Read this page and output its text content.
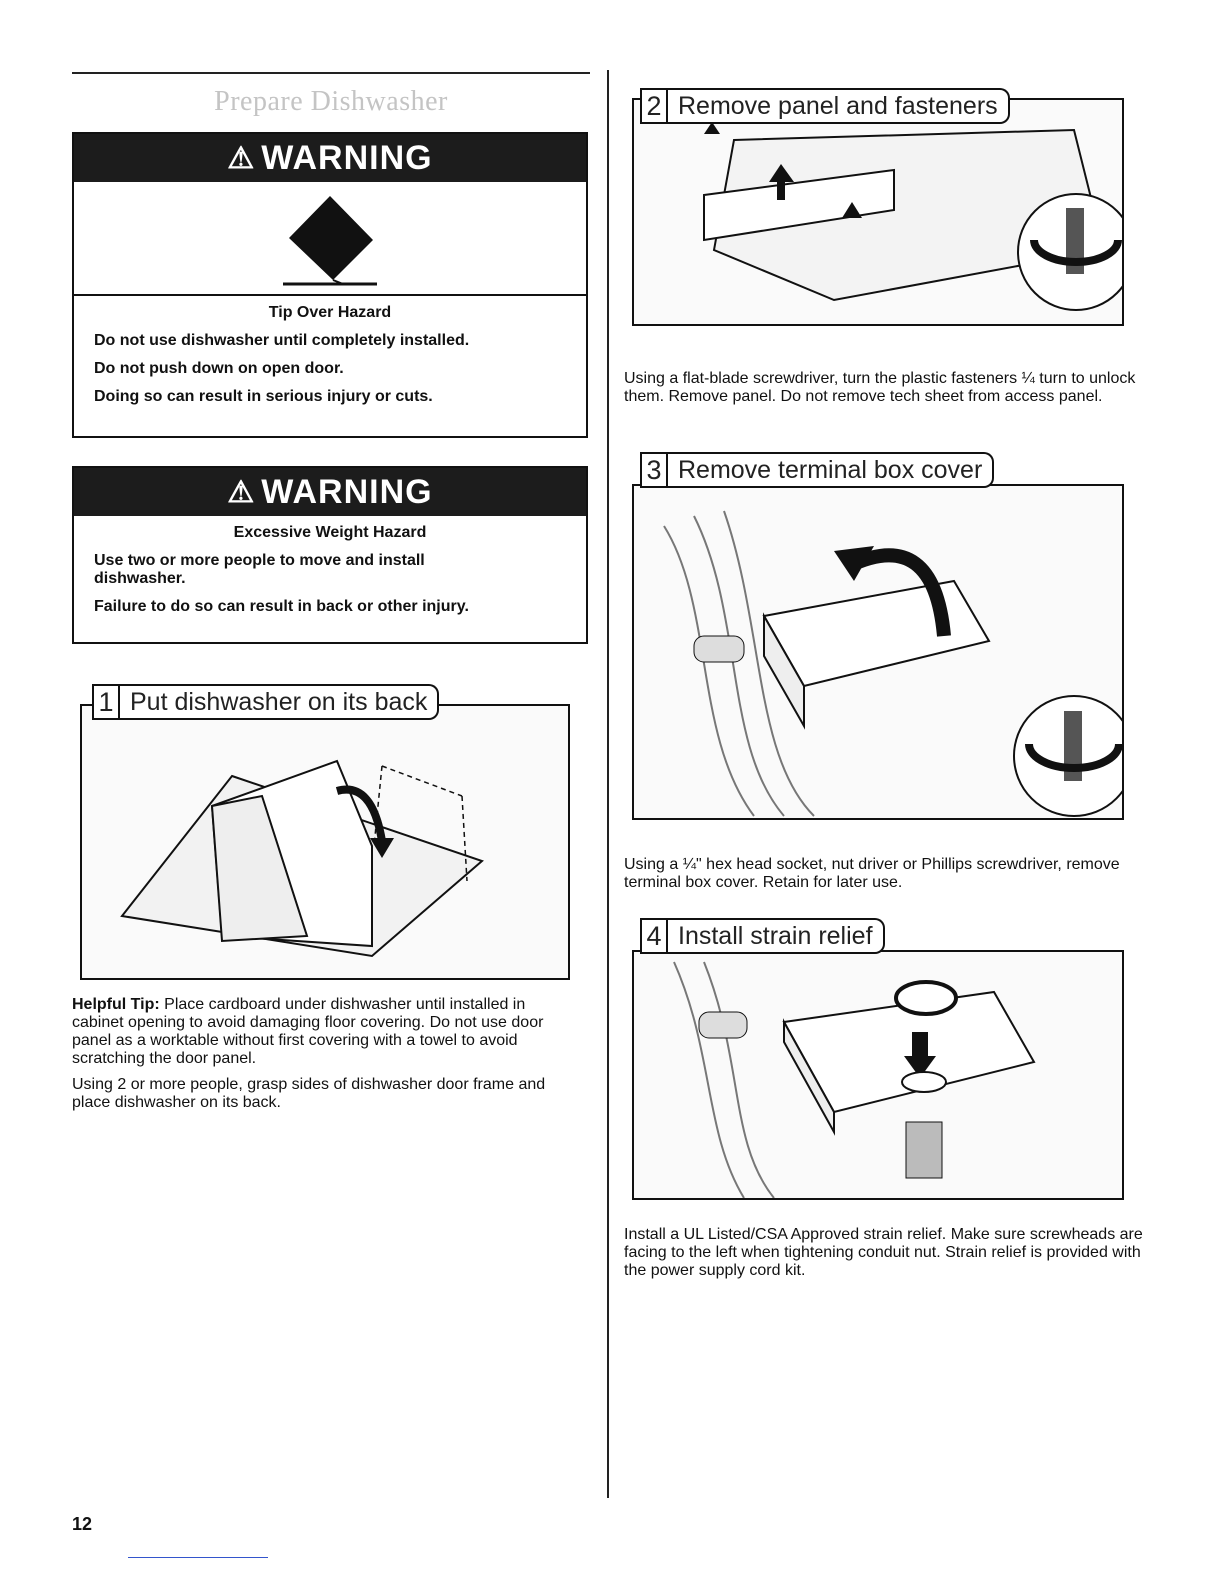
Prepare Dishwasher
⚠ WARNING
Tip Over Hazard

Do not use dishwasher until completely installed.

Do not push down on open door.

Doing so can result in serious injury or cuts.

⚠ WARNING
Excessive Weight Hazard

Use two or more people to move and install dishwasher.

Failure to do so can result in back or other injury.

1 Put dishwasher on its back

Helpful Tip: Place cardboard under dishwasher until installed in cabinet opening to avoid damaging floor covering. Do not use door panel as a worktable without first covering with a towel to avoid scratching the door panel.

Using 2 or more people, grasp sides of dishwasher door frame and place dishwasher on its back.

2 Remove panel and fasteners

Using a flat-blade screwdriver, turn the plastic fasteners ¼ turn to unlock them. Remove panel. Do not remove tech sheet from access panel.

3 Remove terminal box cover

Using a ¼" hex head socket, nut driver or Phillips screwdriver, remove terminal box cover. Retain for later use.

4 Install strain relief

Install a UL Listed/CSA Approved strain relief. Make sure screwheads are facing to the left when tightening conduit nut. Strain relief is provided with the power supply cord kit.

12
